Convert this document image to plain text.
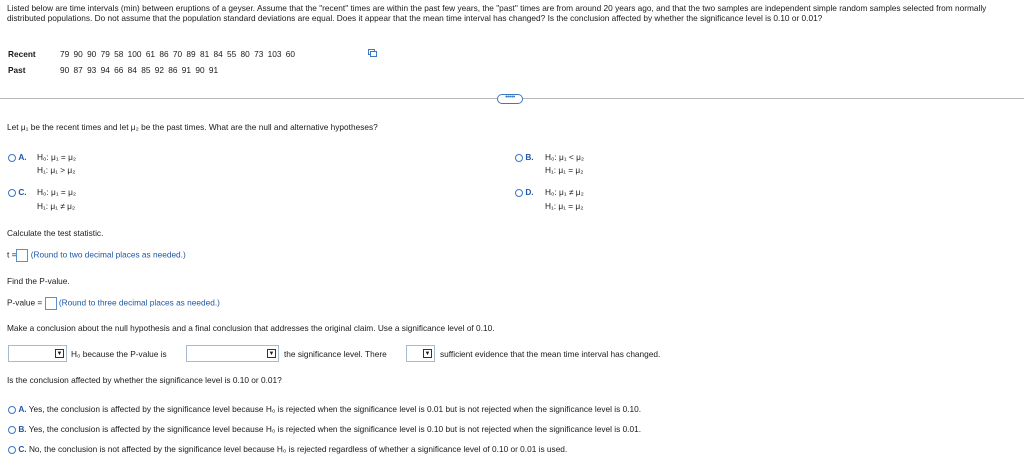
Listed below are time intervals (min) between eruptions of a geyser. Assume that the "recent" times are within the past few years, the "past" times are from around 20 years ago, and that the two samples are independent simple random samples selected from normally distributed populations. Do not assume that the population standard deviations are equal. Does it appear that the mean time interval has changed? Is the conclusion affected by whether the significance level is 0.10 or 0.01?
Recent	79 90 90 79 58 100 61 86 70 89 81 84 55 80 73 103 60
Past	90 87 93 94 66 84 85 92 86 91 90 91
•••••
Let μ₁ be the recent times and let μ₂ be the past times. What are the null and alternative hypotheses?
A. H₀: μ₁ = μ₂
H₁: μ₁ > μ₂
B. H₀: μ₁ < μ₂
H₁: μ₁ = μ₂
C. H₀: μ₁ = μ₂
H₁: μ₁ ≠ μ₂
D. H₀: μ₁ ≠ μ₂
H₁: μ₁ = μ₂
Calculate the test statistic.
t = (Round to two decimal places as needed.)
Find the P-value.
P-value = (Round to three decimal places as needed.)
Make a conclusion about the null hypothesis and a final conclusion that addresses the original claim. Use a significance level of 0.10.
▼ H₀ because the P-value is	▼ the significance level. There	▼ sufficient evidence that the mean time interval has changed.
Is the conclusion affected by whether the significance level is 0.10 or 0.01?
A. Yes, the conclusion is affected by the significance level because H₀ is rejected when the significance level is 0.01 but is not rejected when the significance level is 0.10.
B. Yes, the conclusion is affected by the significance level because H₀ is rejected when the significance level is 0.10 but is not rejected when the significance level is 0.01.
C. No, the conclusion is not affected by the significance level because H₀ is rejected regardless of whether a significance level of 0.10 or 0.01 is used.
